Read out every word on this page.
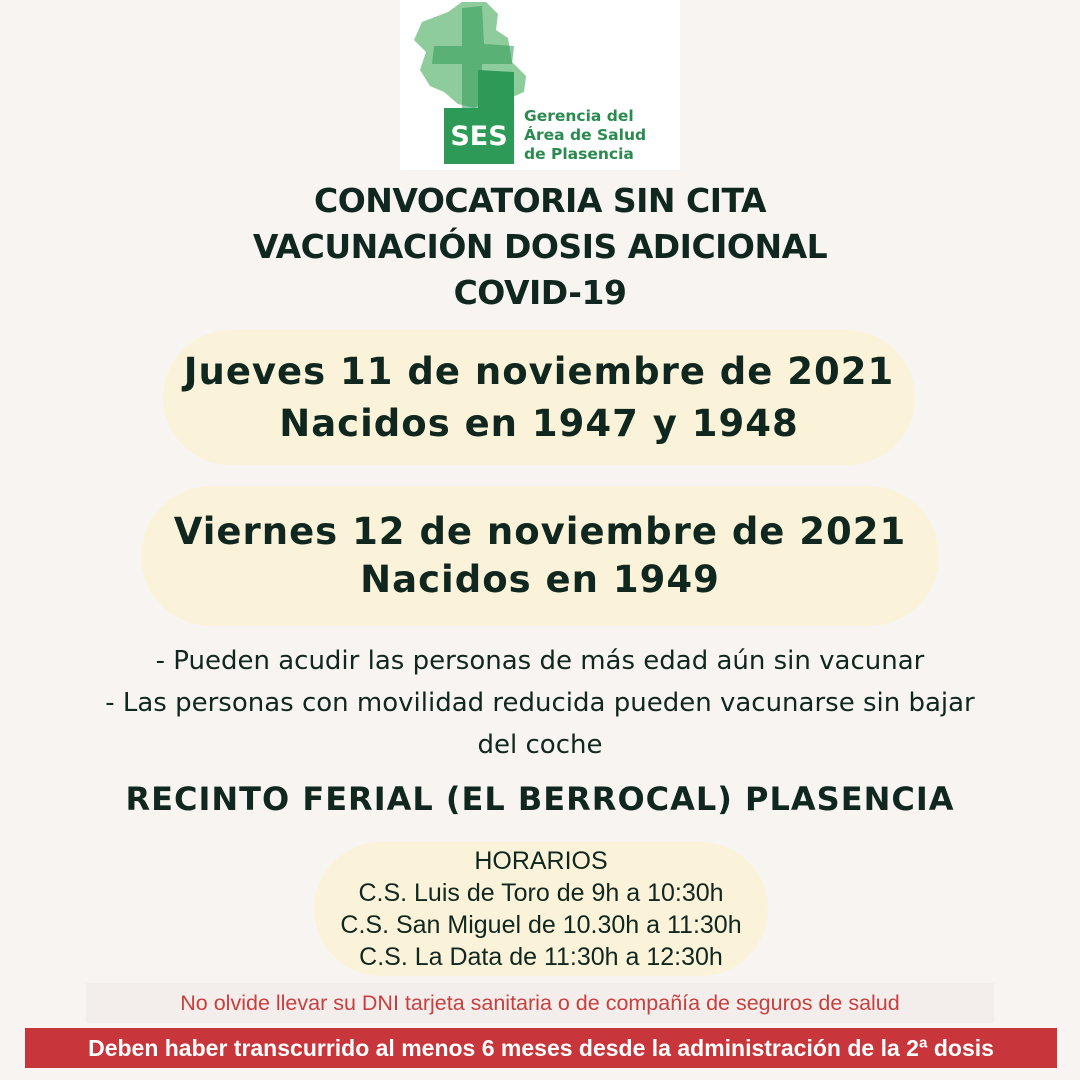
SES
Gerencia del
Área de Salud
de Plasencia
CONVOCATORIA SIN CITA
VACUNACIÓN DOSIS ADICIONAL
COVID-19
Jueves 11 de noviembre de 2021
Nacidos en 1947 y 1948
Viernes 12 de noviembre de 2021
Nacidos en 1949
- Pueden acudir las personas de más edad aún sin vacunar
- Las personas con movilidad reducida pueden vacunarse sin bajar
del coche
RECINTO FERIAL (EL BERROCAL) PLASENCIA
HORARIOS
C.S. Luis de Toro de 9h a 10:30h
C.S. San Miguel de 10.30h a 11:30h
C.S. La Data de 11:30h a 12:30h
No olvide llevar su DNI tarjeta sanitaria o de compañía de seguros de salud
Deben haber transcurrido al menos 6 meses desde la administración de la 2ª dosis
